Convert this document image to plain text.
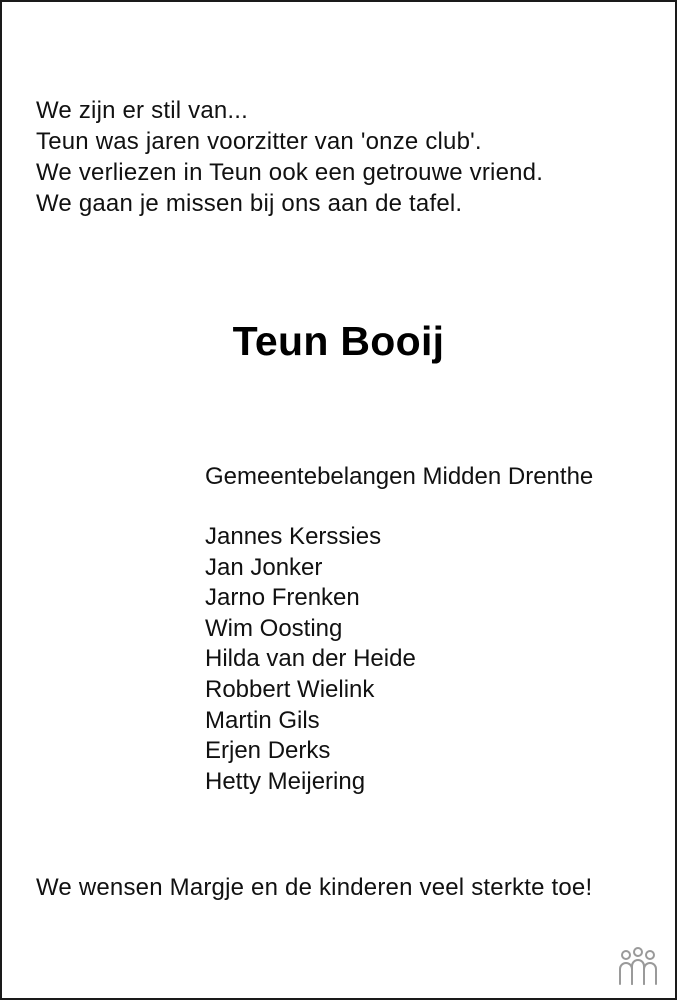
We zijn er stil van...
Teun was jaren voorzitter van 'onze club'.
We verliezen in Teun ook een getrouwe vriend.
We gaan je missen bij ons aan de tafel.
Teun Booij
Gemeentebelangen Midden Drenthe
Jannes Kerssies
Jan Jonker
Jarno Frenken
Wim Oosting
Hilda van der Heide
Robbert Wielink
Martin Gils
Erjen Derks
Hetty Meijering
We wensen Margje en de kinderen veel sterkte toe!
